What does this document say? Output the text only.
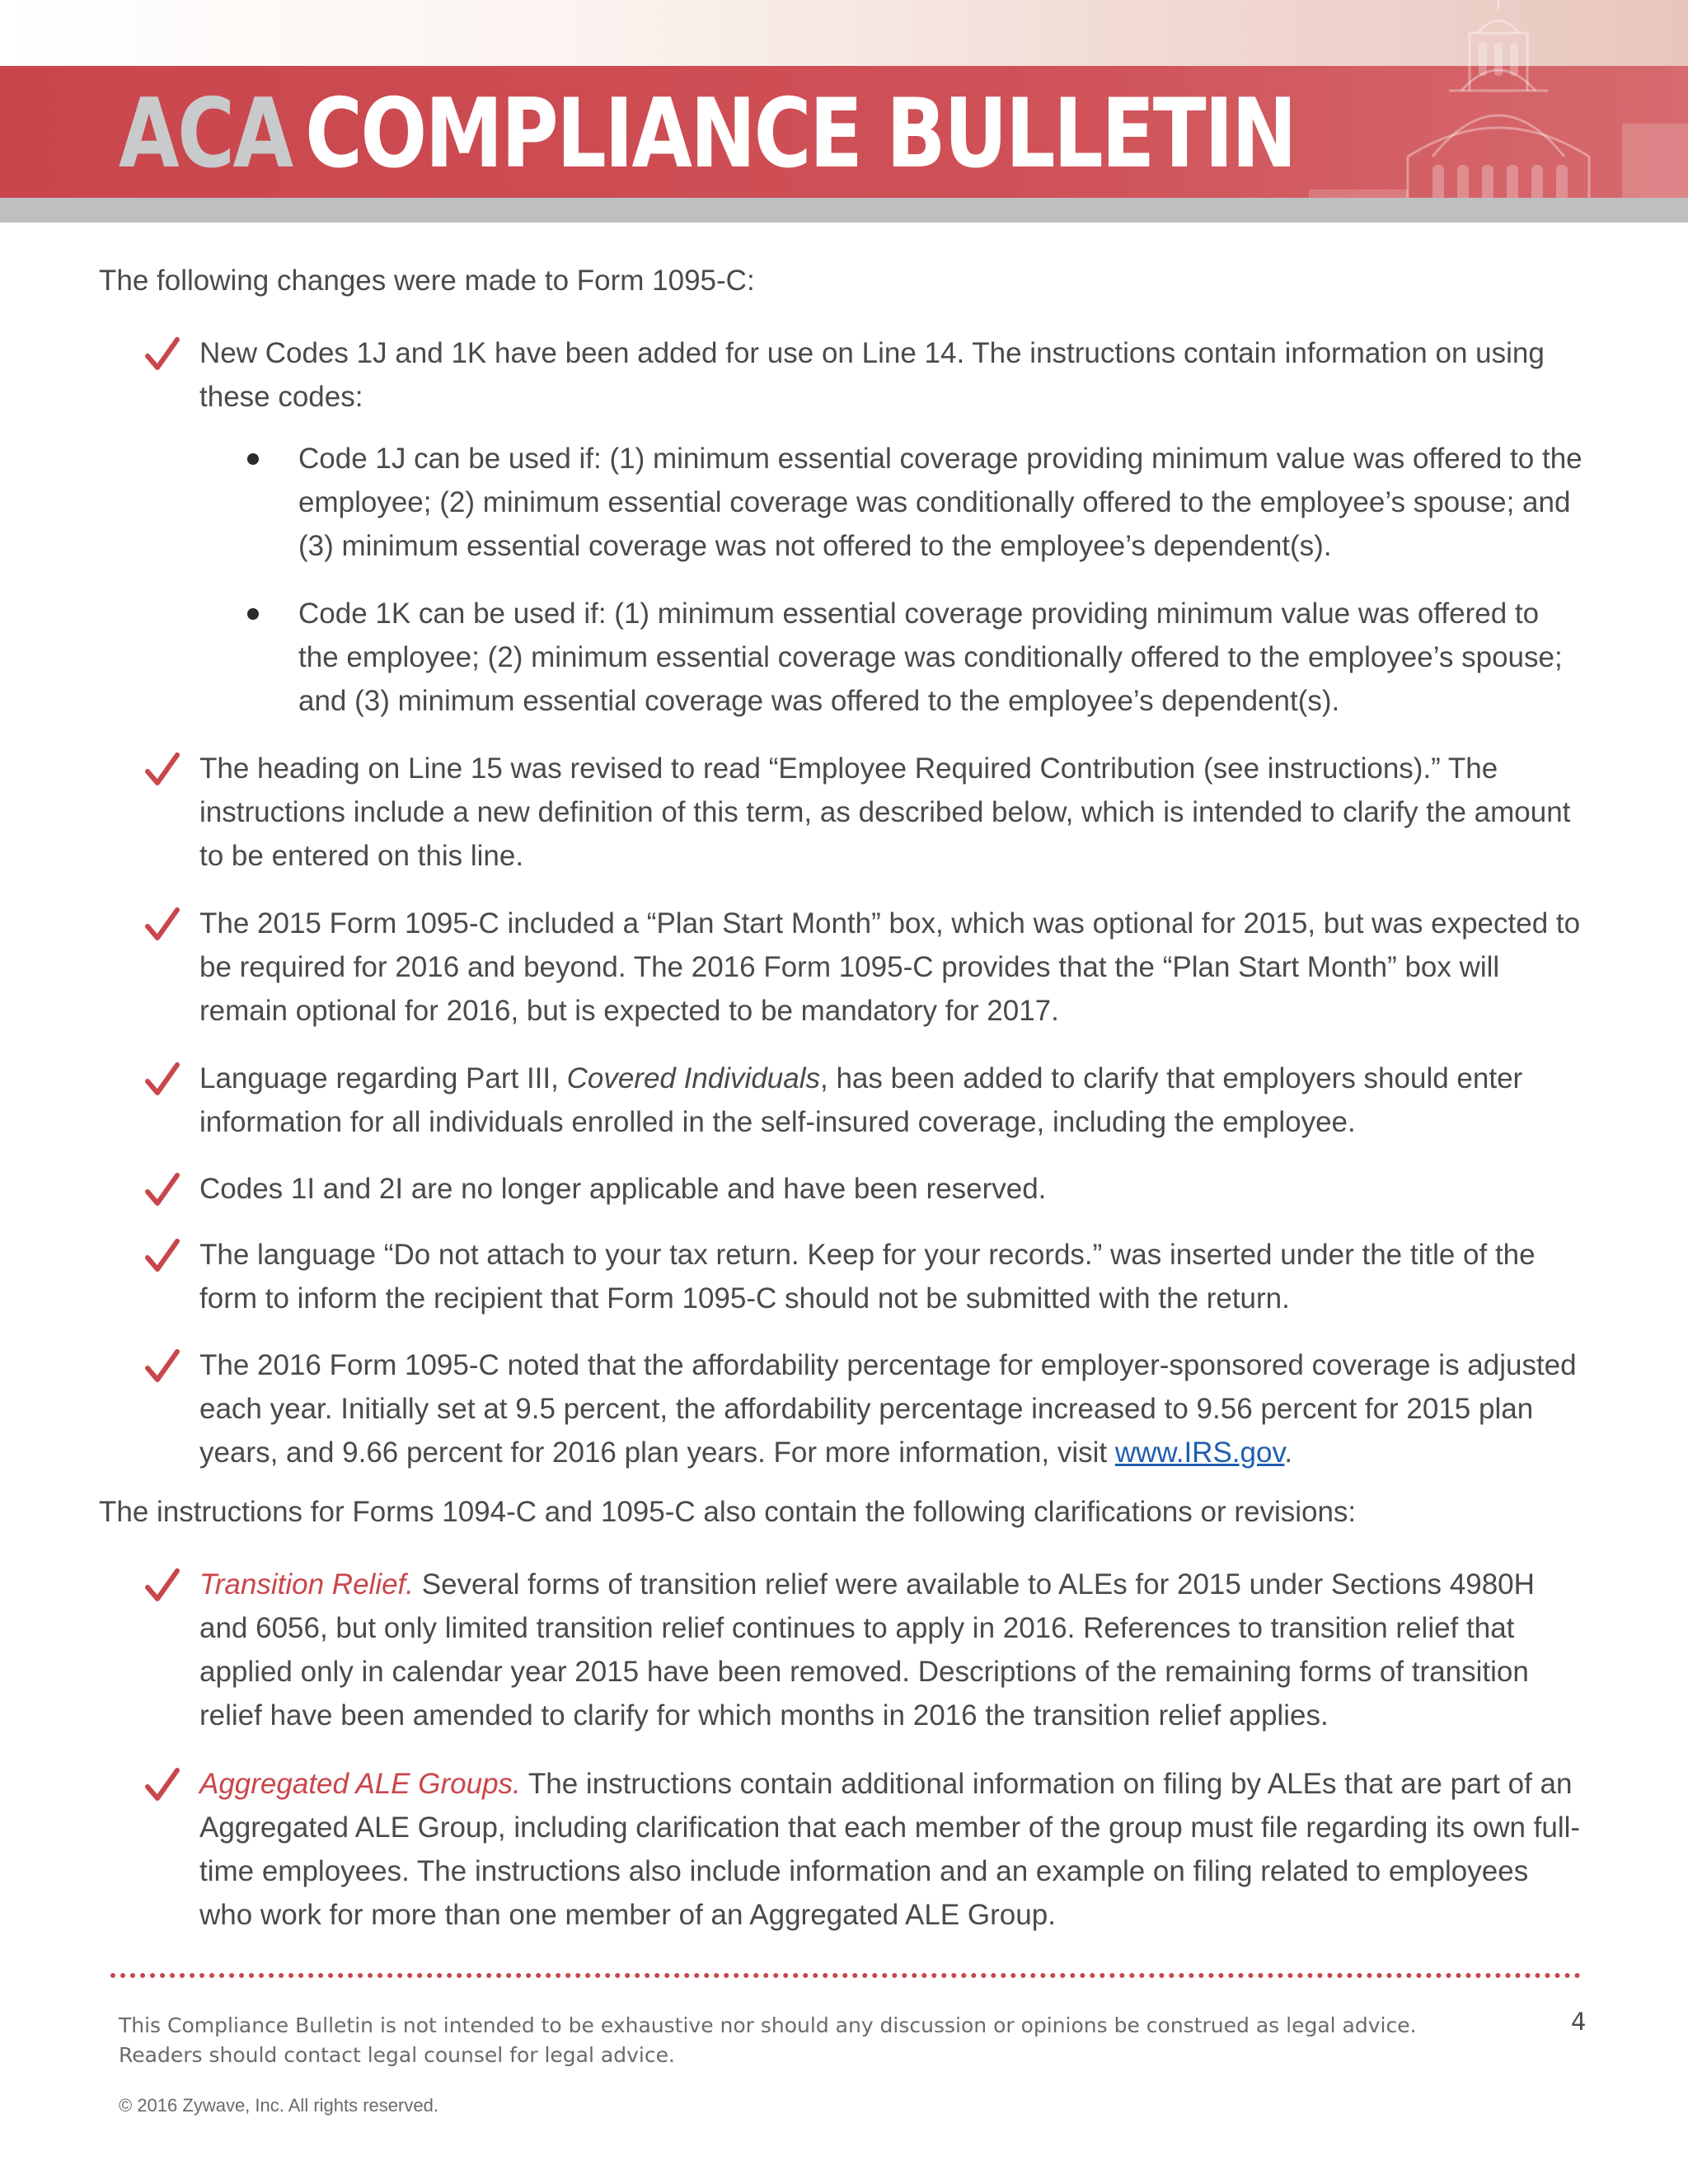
ACA COMPLIANCE BULLETIN

The following changes were made to Form 1095-C:

New Codes 1J and 1K have been added for use on Line 14. The instructions contain information on using these codes:

Code 1J can be used if: (1) minimum essential coverage providing minimum value was offered to the employee; (2) minimum essential coverage was conditionally offered to the employee’s spouse; and (3) minimum essential coverage was not offered to the employee’s dependent(s).

Code 1K can be used if: (1) minimum essential coverage providing minimum value was offered to the employee; (2) minimum essential coverage was conditionally offered to the employee’s spouse; and (3) minimum essential coverage was offered to the employee’s dependent(s).

The heading on Line 15 was revised to read “Employee Required Contribution (see instructions).” The instructions include a new definition of this term, as described below, which is intended to clarify the amount to be entered on this line.

The 2015 Form 1095-C included a “Plan Start Month” box, which was optional for 2015, but was expected to be required for 2016 and beyond. The 2016 Form 1095-C provides that the “Plan Start Month” box will remain optional for 2016, but is expected to be mandatory for 2017.

Language regarding Part III, Covered Individuals, has been added to clarify that employers should enter information for all individuals enrolled in the self-insured coverage, including the employee.

Codes 1I and 2I are no longer applicable and have been reserved.

The language “Do not attach to your tax return. Keep for your records.” was inserted under the title of the form to inform the recipient that Form 1095-C should not be submitted with the return.

The 2016 Form 1095-C noted that the affordability percentage for employer-sponsored coverage is adjusted each year. Initially set at 9.5 percent, the affordability percentage increased to 9.56 percent for 2015 plan years, and 9.66 percent for 2016 plan years. For more information, visit www.IRS.gov.

The instructions for Forms 1094-C and 1095-C also contain the following clarifications or revisions:

Transition Relief. Several forms of transition relief were available to ALEs for 2015 under Sections 4980H and 6056, but only limited transition relief continues to apply in 2016. References to transition relief that applied only in calendar year 2015 have been removed. Descriptions of the remaining forms of transition relief have been amended to clarify for which months in 2016 the transition relief applies.

Aggregated ALE Groups. The instructions contain additional information on filing by ALEs that are part of an Aggregated ALE Group, including clarification that each member of the group must file regarding its own full-time employees. The instructions also include information and an example on filing related to employees who work for more than one member of an Aggregated ALE Group.

This Compliance Bulletin is not intended to be exhaustive nor should any discussion or opinions be construed as legal advice.
Readers should contact legal counsel for legal advice.
4
© 2016 Zywave, Inc. All rights reserved.
